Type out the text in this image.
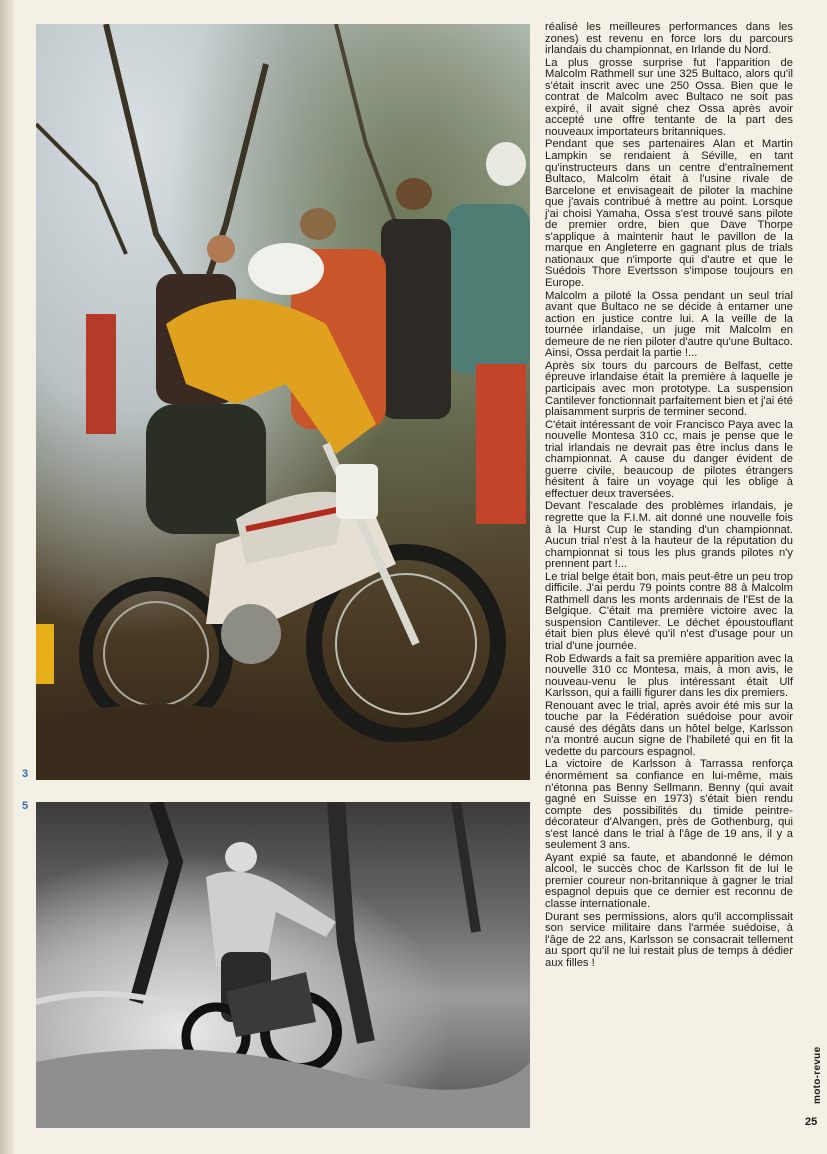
3
5

réalisé les meilleures performances dans les zones) est revenu en force lors du parcours irlandais du championnat, en Irlande du Nord.

La plus grosse surprise fut l'apparition de Malcolm Rathmell sur une 325 Bultaco, alors qu'il s'était inscrit avec une 250 Ossa. Bien que le contrat de Malcolm avec Bultaco ne soit pas expiré, il avait signé chez Ossa après avoir accepté une offre tentante de la part des nouveaux importateurs britanniques.

Pendant que ses partenaires Alan et Martin Lampkin se rendaient à Séville, en tant qu'instructeurs dans un centre d'entraînement Bultaco, Malcolm était à l'usine rivale de Barcelone et envisageait de piloter la machine que j'avais contribué à mettre au point. Lorsque j'ai choisi Yamaha, Ossa s'est trouvé sans pilote de premier ordre, bien que Dave Thorpe s'applique à maintenir haut le pavillon de la marque en Angleterre en gagnant plus de trials nationaux que n'importe qui d'autre et que le Suédois Thore Evertsson s'impose toujours en Europe.

Malcolm a piloté la Ossa pendant un seul trial avant que Bultaco ne se décide à entamer une action en justice contre lui. A la veille de la tournée irlandaise, un juge mit Malcolm en demeure de ne rien piloter d'autre qu'une Bultaco. Ainsi, Ossa perdait la partie !...

Après six tours du parcours de Belfast, cette épreuve irlandaise était la première à laquelle je participais avec mon prototype. La suspension Cantilever fonctionnait parfaitement bien et j'ai été plaisamment surpris de terminer second.

C'était intéressant de voir Francisco Paya avec la nouvelle Montesa 310 cc, mais je pense que le trial irlandais ne devrait pas être inclus dans le championnat. A cause du danger évident de guerre civile, beaucoup de pilotes étrangers hésitent à faire un voyage qui les oblige à effectuer deux traversées.

Devant l'escalade des problèmes irlandais, je regrette que la F.I.M. ait donné une nouvelle fois à la Hurst Cup le standing d'un championnat. Aucun trial n'est à la hauteur de la réputation du championnat si tous les plus grands pilotes n'y prennent part !...

Le trial belge était bon, mais peut-être un peu trop difficile. J'ai perdu 79 points contre 88 à Malcolm Rathmell dans les monts ardennais de l'Est de la Belgique. C'était ma première victoire avec la suspension Cantilever. Le déchet époustouflant était bien plus élevé qu'il n'est d'usage pour un trial d'une journée.

Rob Edwards a fait sa première apparition avec la nouvelle 310 cc Montesa, mais, à mon avis, le nouveau-venu le plus intéressant était Ulf Karlsson, qui a failli figurer dans les dix premiers.

Renouant avec le trial, après avoir été mis sur la touche par la Fédération suédoise pour avoir causé des dégâts dans un hôtel belge, Karlsson n'a montré aucun signe de l'habileté qui en fit la vedette du parcours espagnol.

La victoire de Karlsson à Tarrassa renforça énormément sa confiance en lui-même, mais n'étonna pas Benny Sellmann. Benny (qui avait gagné en Suisse en 1973) s'était bien rendu compte des possibilités du timide peintre-décorateur d'Alvangen, près de Gothenburg, qui s'est lancé dans le trial à l'âge de 19 ans, il y a seulement 3 ans.

Ayant expié sa faute, et abandonné le démon alcool, le succès choc de Karlsson fit de lui le premier coureur non-britannique à gagner le trial espagnol depuis que ce dernier est reconnu de classe internationale.

Durant ses permissions, alors qu'il accomplissait son service militaire dans l'armée suédoise, à l'âge de 22 ans, Karlsson se consacrait tellement au sport qu'il ne lui restait plus de temps à dédier aux filles !

moto-revue
25
